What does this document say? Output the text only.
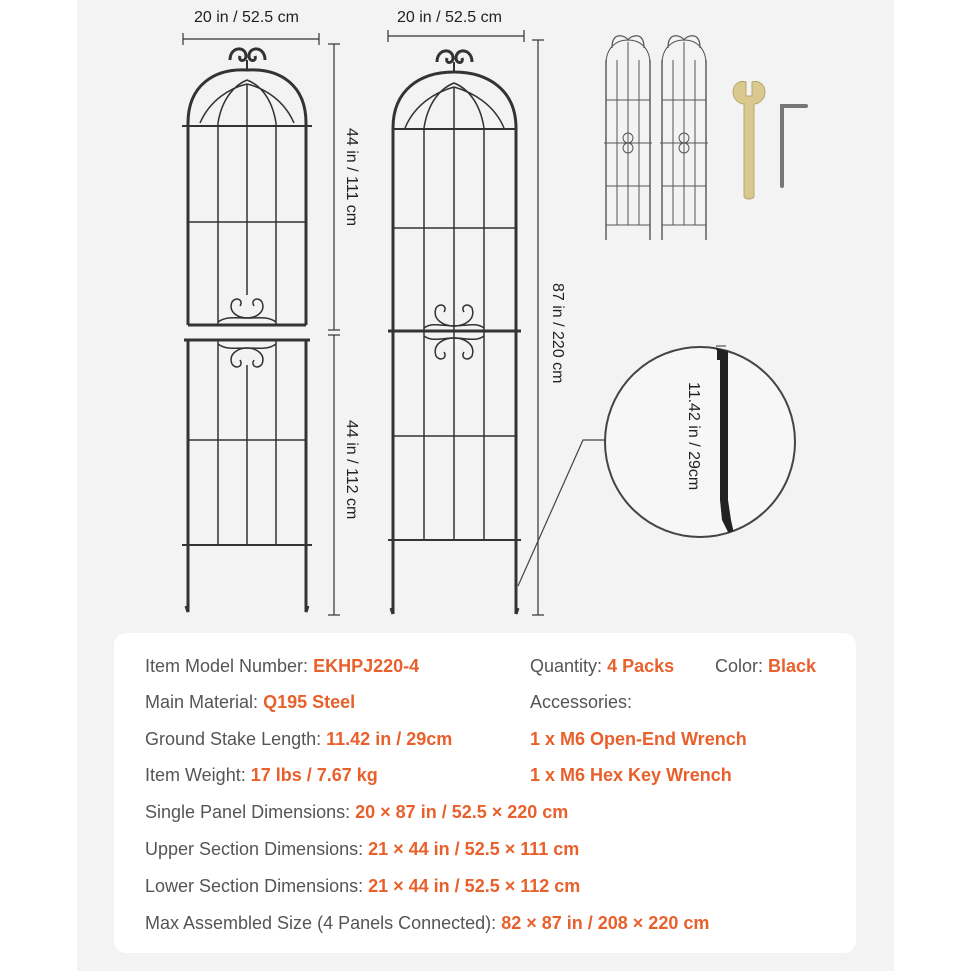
20 in / 52.5 cm	20 in / 52.5 cm
44 in / 111 cm
44 in / 112 cm
87 in / 220 cm
11.42 in / 29cm
Item Model Number: EKHPJ220-4	Quantity: 4 Packs Color: Black
Main Material: Q195 Steel	Accessories:
Ground Stake Length: 11.42 in / 29cm	1 x M6 Open-End Wrench
Item Weight: 17 lbs / 7.67 kg	1 x M6 Hex Key Wrench
Single Panel Dimensions: 20 × 87 in / 52.5 × 220 cm
Upper Section Dimensions: 21 × 44 in / 52.5 × 111 cm
Lower Section Dimensions: 21 × 44 in / 52.5 × 112 cm
Max Assembled Size (4 Panels Connected): 82 × 87 in / 208 × 220 cm
